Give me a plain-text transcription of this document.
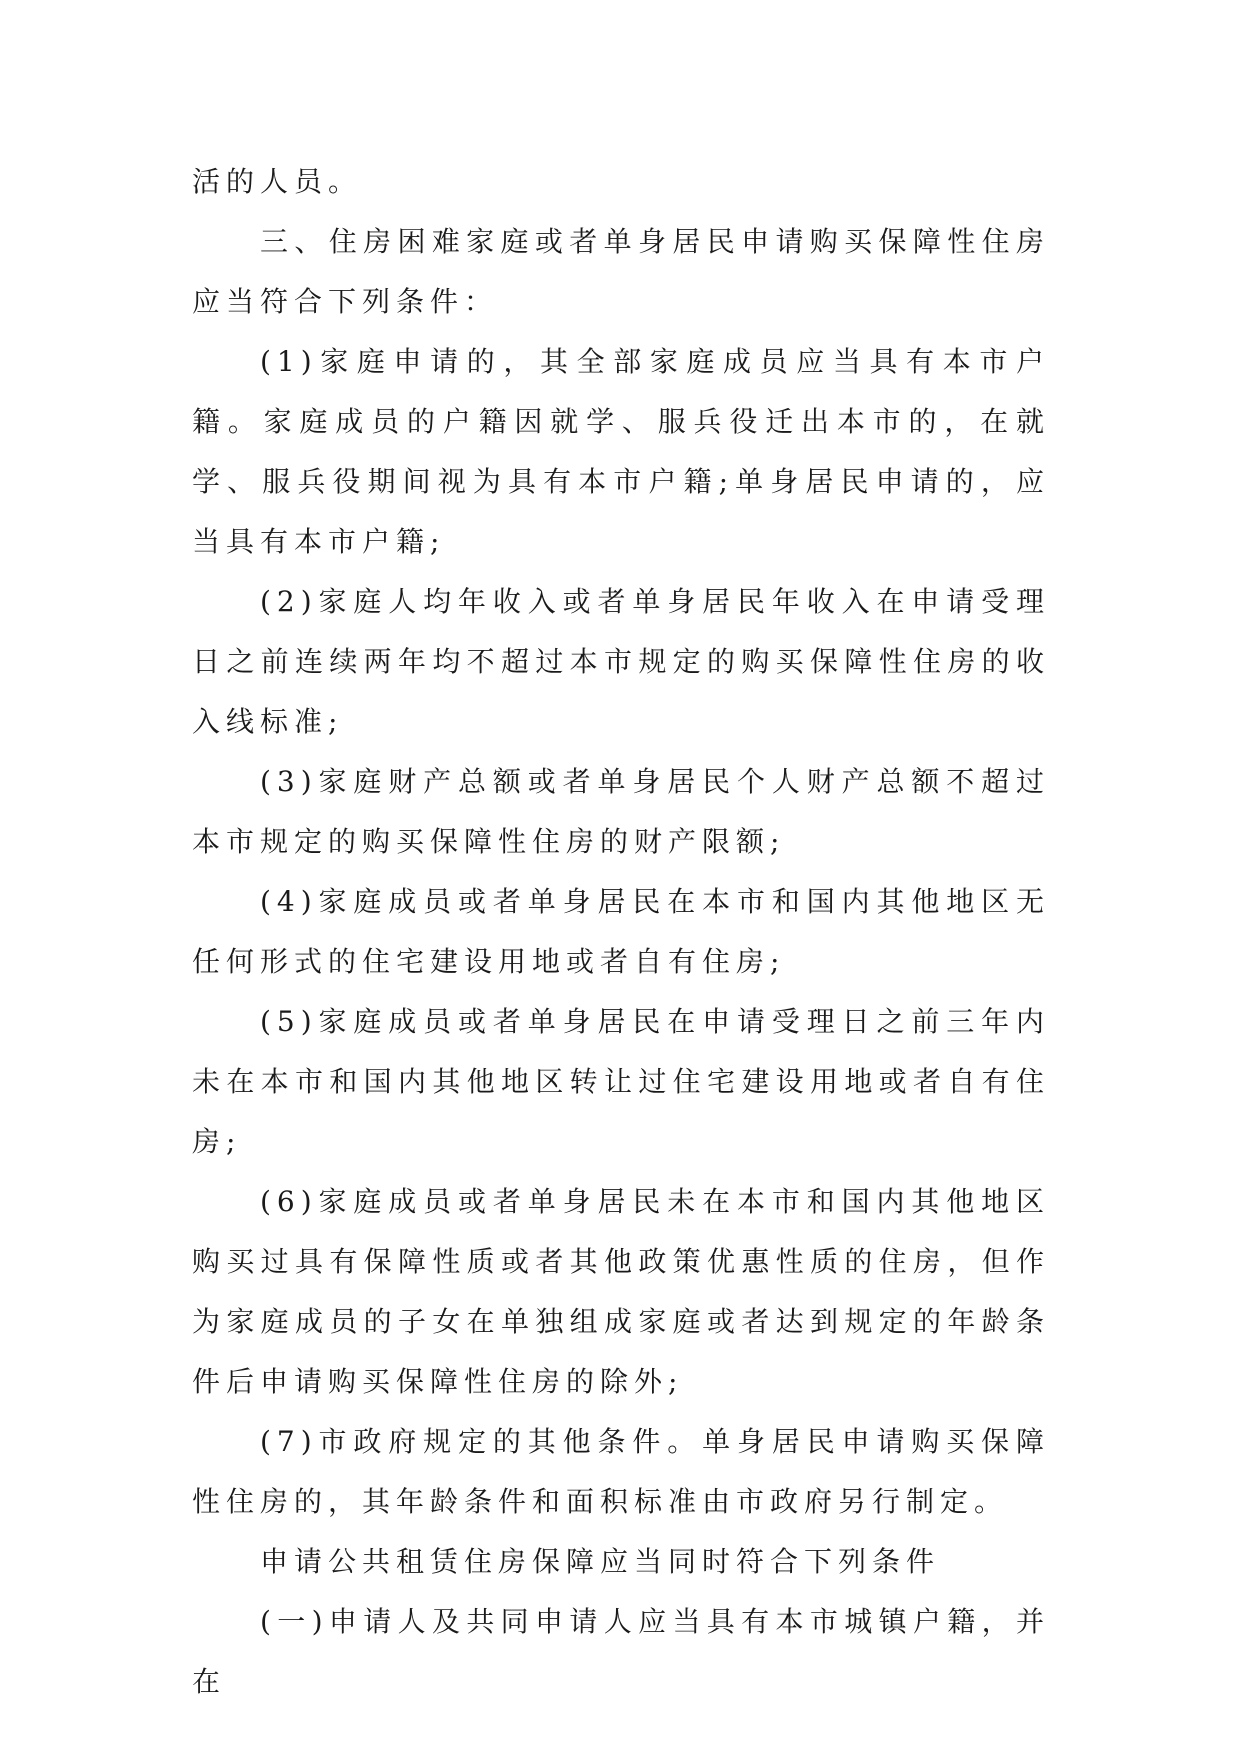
活的人员。

三、住房困难家庭或者单身居民申请购买保障性住房应当符合下列条件：

(1)家庭申请的，其全部家庭成员应当具有本市户籍。家庭成员的户籍因就学、服兵役迁出本市的，在就学、服兵役期间视为具有本市户籍;单身居民申请的，应当具有本市户籍;

(2)家庭人均年收入或者单身居民年收入在申请受理日之前连续两年均不超过本市规定的购买保障性住房的收入线标准;

(3)家庭财产总额或者单身居民个人财产总额不超过本市规定的购买保障性住房的财产限额;

(4)家庭成员或者单身居民在本市和国内其他地区无任何形式的住宅建设用地或者自有住房;

(5)家庭成员或者单身居民在申请受理日之前三年内未在本市和国内其他地区转让过住宅建设用地或者自有住房;

(6)家庭成员或者单身居民未在本市和国内其他地区购买过具有保障性质或者其他政策优惠性质的住房，但作为家庭成员的子女在单独组成家庭或者达到规定的年龄条件后申请购买保障性住房的除外;

(7)市政府规定的其他条件。单身居民申请购买保障性住房的，其年龄条件和面积标准由市政府另行制定。

申请公共租赁住房保障应当同时符合下列条件

(一)申请人及共同申请人应当具有本市城镇户籍，并在
